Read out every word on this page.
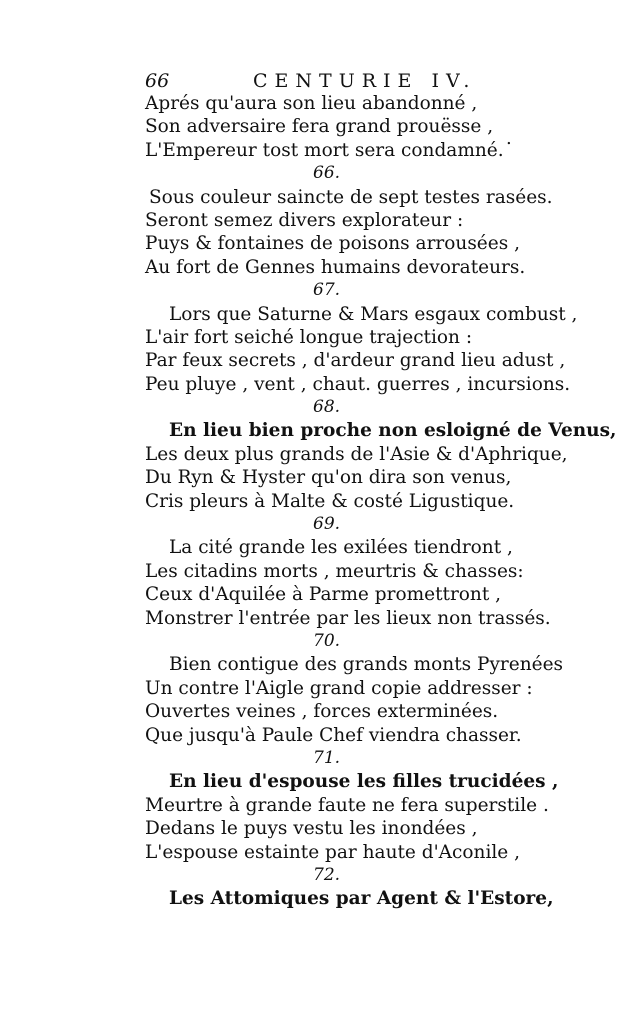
66	CENTURIE IV.
.
Aprés qu'aura son lieu abandonné ,
Son adversaire fera grand prouësse ,
L'Empereur tost mort sera condamné.
66.
Sous couleur saincte de sept testes rasées.
Seront semez divers explorateur :
Puys & fontaines de poisons arrousées ,
Au fort de Gennes humains devorateurs.
67.
Lors que Saturne & Mars esgaux combust ,
L'air fort seiché longue trajection :
Par feux secrets , d'ardeur grand lieu adust ,
Peu pluye , vent , chaut. guerres , incursions.
68.
En lieu bien proche non esloigné de Venus,
Les deux plus grands de l'Asie & d'Aphrique,
Du Ryn & Hyster qu'on dira son venus,
Cris pleurs à Malte & costé Ligustique.
69.
La cité grande les exilées tiendront ,
Les citadins morts , meurtris & chasses:
Ceux d'Aquilée à Parme promettront ,
Monstrer l'entrée par les lieux non trassés.
70.
Bien contigue des grands monts Pyrenées
Un contre l'Aigle grand copie addresser :
Ouvertes veines , forces exterminées.
Que jusqu'à Paule Chef viendra chasser.
71.
En lieu d'espouse les filles trucidées ,
Meurtre à grande faute ne fera superstile .
Dedans le puys vestu les inondées ,
L'espouse estainte par haute d'Aconile ,
72.
Les Attomiques par Agent & l'Estore,
